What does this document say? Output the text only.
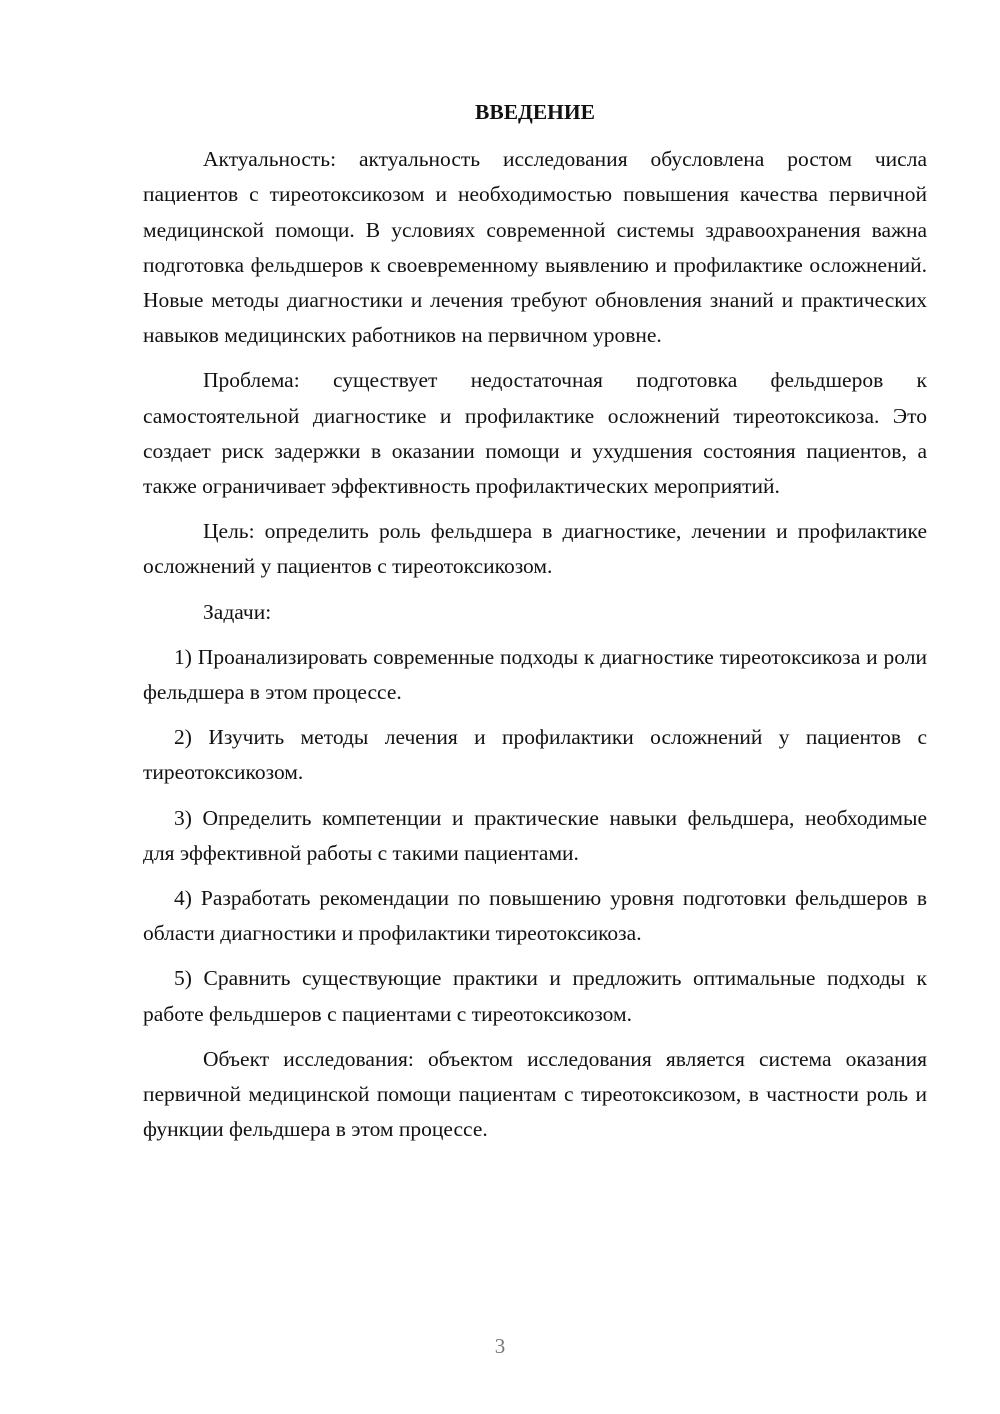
ВВЕДЕНИЕ

Актуальность: актуальность исследования обусловлена ростом числа пациентов с тиреотоксикозом и необходимостью повышения качества первичной медицинской помощи. В условиях современной системы здравоохранения важна подготовка фельдшеров к своевременному выявлению и профилактике осложнений. Новые методы диагностики и лечения требуют обновления знаний и практических навыков медицинских работников на первичном уровне.

Проблема: существует недостаточная подготовка фельдшеров к самостоятельной диагностике и профилактике осложнений тиреотоксикоза. Это создает риск задержки в оказании помощи и ухудшения состояния пациентов, а также ограничивает эффективность профилактических мероприятий.

Цель: определить роль фельдшера в диагностике, лечении и профилактике осложнений у пациентов с тиреотоксикозом.

Задачи:

1) Проанализировать современные подходы к диагностике тиреотоксикоза и роли фельдшера в этом процессе.

2) Изучить методы лечения и профилактики осложнений у пациентов с тиреотоксикозом.

3) Определить компетенции и практические навыки фельдшера, необходимые для эффективной работы с такими пациентами.

4) Разработать рекомендации по повышению уровня подготовки фельдшеров в области диагностики и профилактики тиреотоксикоза.

5) Сравнить существующие практики и предложить оптимальные подходы к работе фельдшеров с пациентами с тиреотоксикозом.

Объект исследования: объектом исследования является система оказания первичной медицинской помощи пациентам с тиреотоксикозом, в частности роль и функции фельдшера в этом процессе.

3
